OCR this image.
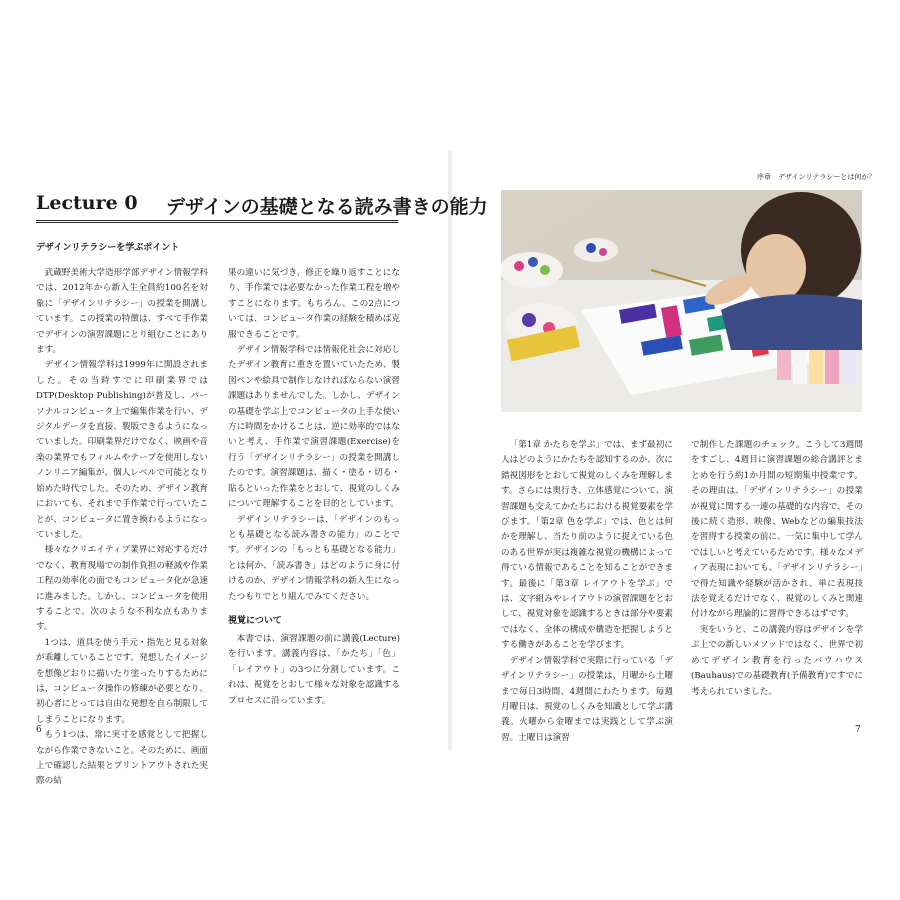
Lecture 0 デザインの基礎となる読み書きの能力
デザインリテラシーを学ぶポイント

武蔵野美術大学造形学部デザイン情報学科では、2012年から新入生全員約100名を対象に「デザインリテラシー」の授業を開講しています。この授業の特徴は、すべて手作業でデザインの演習課題にとり組むことにあります。

デザイン情報学科は1999年に開設されました。その当時すでに印刷業界ではDTP(Desktop Publishing)が普及し、パーソナルコンピュータ上で編集作業を行い、デジタルデータを直接、製版できるようになっていました。印刷業界だけでなく、映画や音楽の業界でもフィルムやテープを使用しないノンリニア編集が、個人レベルで可能となり始めた時代でした。そのため、デザイン教育においても、それまで手作業で行っていたことが、コンピュータに置き換わるようになっていました。

様々なクリエイティブ業界に対応するだけでなく、教育現場での制作負担の軽減や作業工程の効率化の面でもコンピュータ化が急速に進みました。しかし、コンピュータを使用することで、次のような不利な点もあります。

1つは、道具を使う手元・指先と見る対象が乖離していることです。発想したイメージを想像どおりに描いたり塗ったりするためには、コンピュータ操作の修練が必要となり、初心者にとっては自由な発想を自ら制限してしまうことになります。

もう1つは、常に実寸を感覚として把握しながら作業できないこと。そのために、画面上で確認した結果とプリントアウトされた実際の結

果の違いに気づき、修正を繰り返すことになり、手作業では必要なかった作業工程を増やすことになります。もちろん、この2点については、コンピュータ作業の経験を積めば克服できることです。

デザイン情報学科では情報化社会に対応したデザイン教育に重きを置いていたため、製図ペンや絵具で制作しなければならない演習課題はありませんでした。しかし、デザインの基礎を学ぶ上でコンピュータの上手な使い方に時間をかけることは、逆に効率的ではないと考え、手作業で演習課題(Exercise)を行う「デザインリテラシー」の授業を開講したのです。演習課題は、描く・塗る・切る・貼るといった作業をとおして、視覚のしくみについて理解することを目的としています。

デザインリテラシーは、「デザインのもっとも基礎となる読み書きの能力」のことです。デザインの「もっとも基礎となる能力」とは何か、「読み書き」はどのように身に付けるのか、デザイン情報学科の新入生になったつもりでとり組んでみてください。

視覚について

本書では、演習課題の前に講義(Lecture)を行います。講義内容は、「かたち」「色」「レイアウト」の3つに分割しています。これは、視覚をとおして様々な対象を認識するプロセスに沿っています。

6
序章　デザインリテラシーとは何か？

「第1章 かたちを学ぶ」では、まず最初に人はどのようにかたちを認知するのか、次に錯視図形をとおして視覚のしくみを理解します。さらには奥行き、立体感覚について、演習課題も交えてかたちにおける視覚要素を学びます。「第2章 色を学ぶ」では、色とは何かを理解し、当たり前のように捉えている色のある世界が実は複雑な視覚の機構によって得ている情報であることを知ることができます。最後に「第3章 レイアウトを学ぶ」では、文字組みやレイアウトの演習課題をとおして、視覚対象を認識するときは部分や要素ではなく、全体の構成や構造を把握しようとする働きがあることを学びます。

デザイン情報学科で実際に行っている「デザインリテラシー」の授業は、月曜から土曜まで毎日3時間、4週間にわたります。毎週月曜日は、視覚のしくみを知識として学ぶ講義。火曜から金曜までは実践として学ぶ演習。土曜日は演習

で制作した課題のチェック。こうして3週間をすごし、4週目に演習課題の総合講評とまとめを行う約1か月間の短期集中授業です。その理由は、「デザインリテラシー」の授業が視覚に関する一連の基礎的な内容で、その後に続く造形、映像、Webなどの編集技法を習得する授業の前に、一気に集中して学んではしいと考えているためです。様々なメディア表現においても、「デザインリテラシー」で得た知識や経験が活かされ、単に表現技法を覚えるだけでなく、視覚のしくみと関連付けながら理論的に習得できるはずです。

実をいうと、この講義内容はデザインを学ぶ上での新しいメソッドではなく、世界で初めてデザイン教育を行ったバウハウス(Bauhaus)での基礎教育(予備教育)ですでに考えられていました。

7
